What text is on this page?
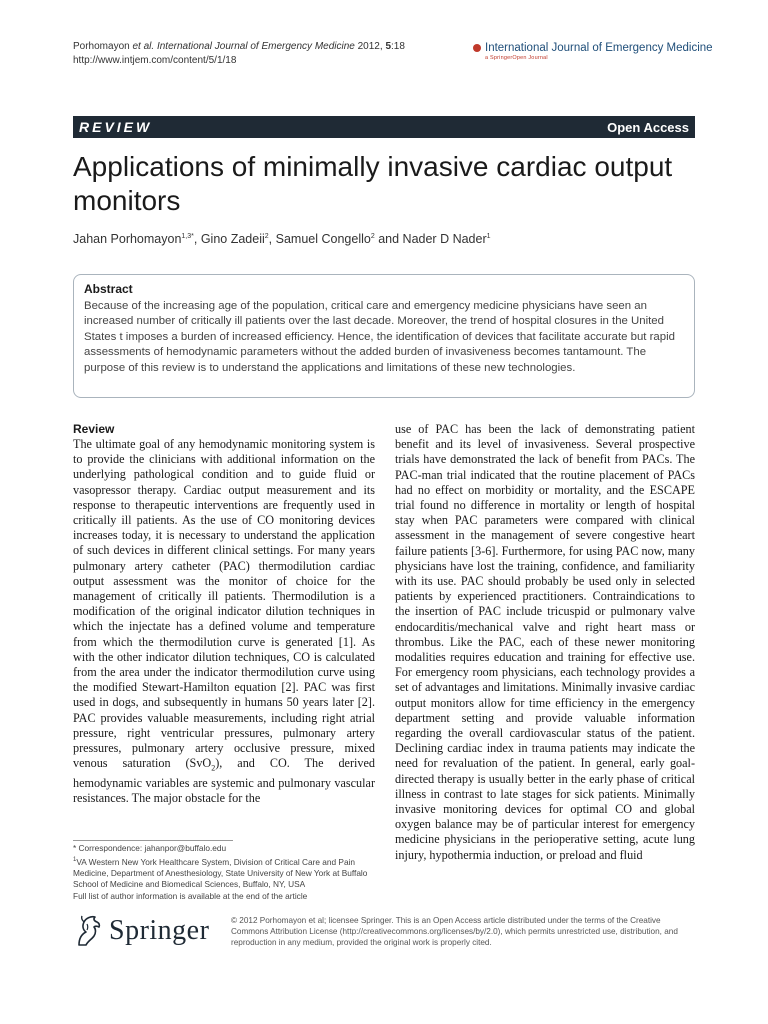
Porhomayon et al. International Journal of Emergency Medicine 2012, 5:18
http://www.intjem.com/content/5/1/18
International Journal of Emergency Medicine
a SpringerOpen Journal
REVIEW	Open Access
Applications of minimally invasive cardiac output
monitors
Jahan Porhomayon$^{1,3*}$, Gino Zadeii$^2$, Samuel Congello$^2$ and Nader D Nader$^1$
Abstract

Because of the increasing age of the population, critical care and emergency medicine physicians have seen an increased number of critically ill patients over the last decade. Moreover, the trend of hospital closures in the United States t imposes a burden of increased efficiency. Hence, the identification of devices that facilitate accurate but rapid assessments of hemodynamic parameters without the added burden of invasiveness becomes tantamount. The purpose of this review is to understand the applications and limitations of these new technologies.

Review

The ultimate goal of any hemodynamic monitoring system is to provide the clinicians with additional information on the underlying pathological condition and to guide fluid or vasopressor therapy. Cardiac output measurement and its response to therapeutic interventions are frequently used in critically ill patients. As the use of CO monitoring devices increases today, it is necessary to understand the application of such devices in different clinical settings. For many years pulmonary artery catheter (PAC) thermodilution cardiac output assessment was the monitor of choice for the management of critically ill patients. Thermodilution is a modification of the original indicator dilution techniques in which the injectate has a defined volume and temperature from which the thermodilution curve is generated [1]. As with the other indicator dilution techniques, CO is calculated from the area under the indicator thermodilution curve using the modified Stewart-Hamilton equation [2]. PAC was first used in dogs, and subsequently in humans 50 years later [2]. PAC provides valuable measurements, including right atrial pressure, right ventricular pressures, pulmonary artery pressures, pulmonary artery occlusive pressure, mixed venous saturation (SvO$_2$), and CO. The derived hemodynamic variables are systemic and pulmonary vascular resistances. The major obstacle for the

use of PAC has been the lack of demonstrating patient benefit and its level of invasiveness. Several prospective trials have demonstrated the lack of benefit from PACs. The PAC-man trial indicated that the routine placement of PACs had no effect on morbidity or mortality, and the ESCAPE trial found no difference in mortality or length of hospital stay when PAC parameters were compared with clinical assessment in the management of severe congestive heart failure patients [3-6]. Furthermore, for using PAC now, many physicians have lost the training, confidence, and familiarity with its use. PAC should probably be used only in selected patients by experienced practitioners. Contraindications to the insertion of PAC include tricuspid or pulmonary valve endocarditis/mechanical valve and right heart mass or thrombus. Like the PAC, each of these newer monitoring modalities requires education and training for effective use. For emergency room physicians, each technology provides a set of advantages and limitations. Minimally invasive cardiac output monitors allow for time efficiency in the emergency department setting and provide valuable information regarding the overall cardiovascular status of the patient. Declining cardiac index in trauma patients may indicate the need for revaluation of the patient. In general, early goal-directed therapy is usually better in the early phase of critical illness in contrast to late stages for sick patients. Minimally invasive monitoring devices for optimal CO and global oxygen balance may be of particular interest for emergency medicine physicians in the perioperative setting, acute lung injury, hypothermia induction, or preload and fluid

* Correspondence: jahanpor@buffalo.edu

$^1$VA Western New York Healthcare System, Division of Critical Care and Pain Medicine, Department of Anesthesiology, State University of New York at Buffalo School of Medicine and Biomedical Sciences, Buffalo, NY, USA

Full list of author information is available at the end of the article

Springer	© 2012 Porhomayon et al; licensee Springer. This is an Open Access article distributed under the terms of the Creative Commons Attribution License (http://creativecommons.org/licenses/by/2.0), which permits unrestricted use, distribution, and reproduction in any medium, provided the original work is properly cited.
